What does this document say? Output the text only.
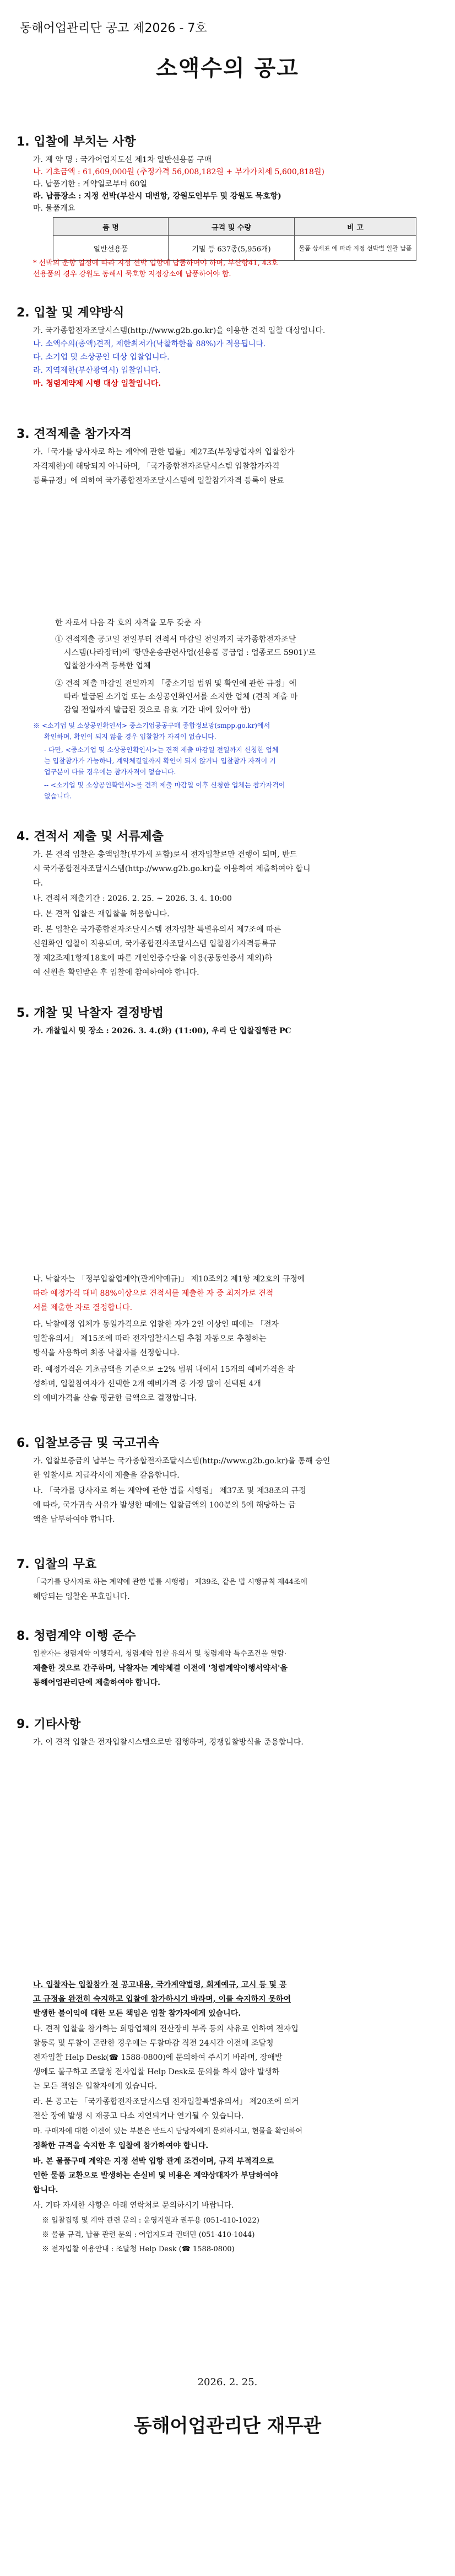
동해어업관리단 공고 제2026 - 7호
소액수의 공고
1. 입찰에 부치는 사항
가. 계 약 명 : 국가어업지도선 제1차 일반선용품 구매
나. 기초금액 : 61,609,000원 (추정가격 56,008,182원 + 부가가치세 5,600,818원)
다. 납품기한 : 계약일로부터 60일
라. 납품장소 : 지정 선박(부산시 대변항, 강원도인부두 및 강원도 묵호항)
마. 물품개요
품 명	규격 및 수량	비 고
일반선용품	기밀 등 637종(5,956개)	물품 상세표 에 따라 지정 선박별 일괄 납품
* 선박의 운항 일정에 따라 지정 선박 입항에 납품하여야 하며, 부산항41, 43호
선용품의 경우 강원도 동해시 묵호항 지정장소에 납품하여야 함.
2. 입찰 및 계약방식
가. 국가종합전자조달시스템(http://www.g2b.go.kr)을 이용한 견적 입찰 대상입니다.
나. 소액수의(총액)견적, 제한최저가(낙찰하한율 88%)가 적용됩니다.
다. 소기업 및 소상공인 대상 입찰입니다.
라. 지역제한(부산광역시) 입찰입니다.
마. 청렴계약제 시행 대상 입찰입니다.
3. 견적제출 참가자격
가.「국가를 당사자로 하는 계약에 관한 법률」제27조(부정당업자의 입찰참가
자격제한)에 해당되지 아니하며, 「국가종합전자조달시스템 입찰참가자격
등록규정」에 의하여 국가종합전자조달시스템에 입찰참가자격 등록이 완료
한 자로서 다음 각 호의 자격을 모두 갖춘 자
① 견적제출 공고일 전일부터 견적서 마감일 전일까지 국가종합전자조달
시스템(나라장터)에 '항만운송관련사업(선용품 공급업 : 업종코드 5901)'로
입찰참가자격 등록한 업체
② 견적 제출 마감일 전일까지 「중소기업 범위 및 확인에 관한 규정」에
따라 발급된 소기업 또는 소상공인확인서를 소지한 업체 (견적 제출 마
감일 전일까지 발급된 것으로 유효 기간 내에 있어야 함)
※ <소기업 및 소상공인확인서> 중소기업공공구매 종합정보망(smpp.go.kr)에서
확인하며, 확인이 되지 않을 경우 입찰참가 자격이 없습니다.
- 다만, <중소기업 및 소상공인확인서>는 견적 제출 마감일 전일까지 신청한 업체
는 입찰참가가 가능하나, 계약체결일까지 확인이 되지 않거나 입찰참가 자격이 기
업구분이 다를 경우에는 참가자격이 없습니다.
-- <소기업 및 소상공인확인서>를 견적 제출 마감일 이후 신청한 업체는 참가자격이
없습니다.
4. 견적서 제출 및 서류제출
가. 본 견적 입찰은 총액입찰(부가세 포함)로서 전자입찰로만 견행이 되며, 반드
시 국가종합전자조달시스템(http://www.g2b.go.kr)을 이용하여 제출하여야 합니
다.
나. 견적서 제출기간 : 2026. 2. 25. ~ 2026. 3. 4. 10:00
다. 본 견적 입찰은 재입찰을 허용합니다.
라. 본 입찰은 국가종합전자조달시스템 전자입찰 특별유의서 제7조에 따른
신원확인 입찰이 적용되며, 국가종합전자조달시스템 입찰참가자격등록규
정 제2조제1항제18호에 따른 개인인증수단을 이용(공동인증서 제외)하
여 신원을 확인받은 후 입찰에 참여하여야 합니다.
5. 개찰 및 낙찰자 결정방법
가. 개찰일시 및 장소 : 2026. 3. 4.(화) (11:00), 우리 단 입찰집행관 PC
나. 낙찰자는 「정부입찰업계약(관계약예규)」 제10조의2 제1항 제2호의 규정에
따라 예정가격 대비 88%이상으로 견적서를 제출한 자 중 최저가로 견적
서를 제출한 자로 결정합니다.
다. 낙찰예정 업체가 동일가격으로 입찰한 자가 2인 이상인 때에는 「전자
입찰유의서」 제15조에 따라 전자입찰시스템 추첨 자동으로 추첨하는
방식을 사용하여 최종 낙찰자를 선정합니다.
라. 예정가격은 기초금액을 기준으로 ±2% 범위 내에서 15개의 예비가격을 작
성하며, 입찰참여자가 선택한 2개 예비가격 중 가장 많이 선택된 4개
의 예비가격을 산술 평균한 금액으로 결정합니다.
6. 입찰보증금 및 국고귀속
가. 입찰보증금의 납부는 국가종합전자조달시스템(http://www.g2b.go.kr)을 통해 승인
한 입찰서로 지급각서에 제출을 갈음합니다.
나. 「국가를 당사자로 하는 계약에 관한 법률 시행령」 제37조 및 제38조의 규정
에 따라, 국가귀속 사유가 발생한 때에는 입찰금액의 100분의 5에 해당하는 금
액을 납부하여야 합니다.
7. 입찰의 무효
「국가를 당사자로 하는 계약에 관한 법률 시행령」 제39조, 같은 법 시행규칙 제44조에
해당되는 입찰은 무효입니다.
8. 청렴계약 이행 준수
입찰자는 청렴계약 이행각서, 청렴계약 입찰 유의서 및 청렴계약 특수조건을 열람·
제출한 것으로 간주하며, 낙찰자는 계약체결 이전에 '청렴계약이행서약서'을
동해어업관리단에 제출하여야 합니다.
9. 기타사항
가. 이 견적 입찰은 전자입찰시스템으로만 집행하며, 경쟁입찰방식을 준용합니다.
나. 입찰자는 입찰참가 전 공고내용, 국가계약법령, 회계예규, 고시 등 및 공
고 규정을 완전히 숙지하고 입찰에 참가하시기 바라며, 이를 숙지하지 못하여
발생한 불이익에 대한 모든 책임은 입찰 참가자에게 있습니다.
다. 견적 입찰을 참가하는 희망업체의 전산장비 부족 등의 사유로 인하여 전자입
찰등록 및 투찰이 곤란한 경우에는 투찰마감 직전 24시간 이전에 조달청
전자입찰 Help Desk(☎ 1588-0800)에 문의하여 주시기 바라며, 장애발
생에도 불구하고 조달청 전자입찰 Help Desk로 문의를 하지 않아 발생하
는 모든 책임은 입찰자에게 있습니다.
라. 본 공고는 「국가종합전자조달시스템 전자입찰특별유의서」 제20조에 의거
전산 장애 발생 시 재공고 다소 지연되거나 연기될 수 있습니다.
마. 구매자에 대한 이견이 있는 부분은 반드시 담당자에게 문의하시고, 현물을 확인하여
정확한 규격을 숙지한 후 입찰에 참가하여야 합니다.
바. 본 물품구매 계약은 지정 선박 입항 관계 조건이며, 규격 부적격으로
인한 물품 교환으로 발생하는 손실비 및 비용은 계약상대자가 부담하여야
합니다.
사. 기타 자세한 사항은 아래 연락처로 문의하시기 바랍니다.
※ 입찰집행 및 계약 관련 문의 : 운영지원과 권두용 (051-410-1022)
※ 물품 규격, 납품 관련 문의 : 어업지도과 권태민 (051-410-1044)
※ 전자입찰 이용안내 : 조달청 Help Desk (☎ 1588-0800)
2026. 2. 25.
동해어업관리단 재무관
